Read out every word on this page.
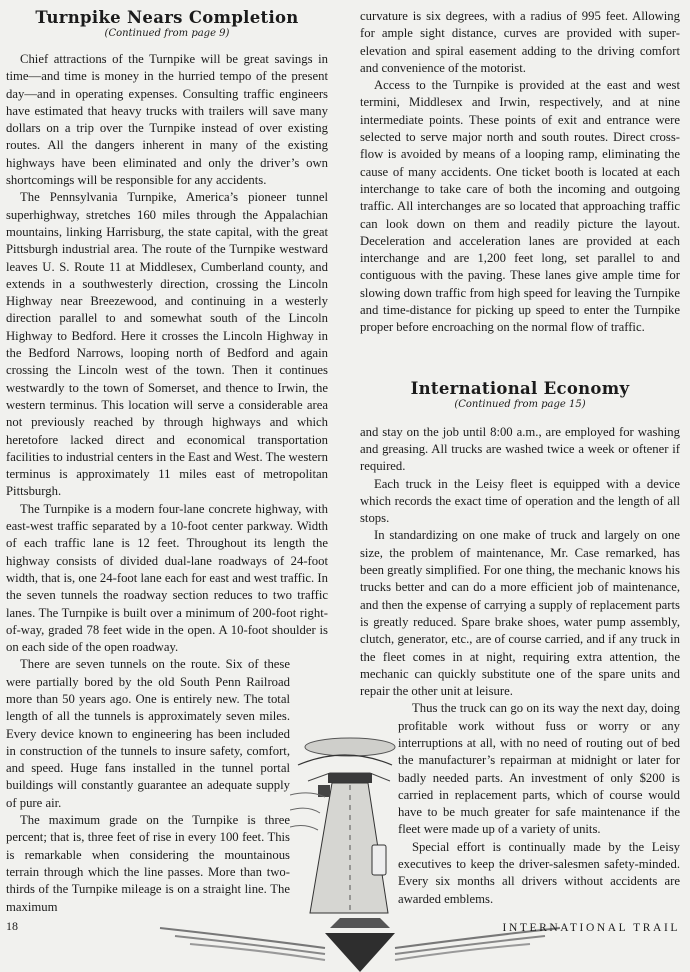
Turnpike Nears Completion
(Continued from page 9)

Chief attractions of the Turnpike will be great savings in time—and time is money in the hurried tempo of the present day—and in operating expenses. Consulting traffic engineers have estimated that heavy trucks with trailers will save many dollars on a trip over the Turnpike instead of over existing routes. All the dangers inherent in many of the existing highways have been eliminated and only the driver’s own shortcomings will be responsible for any accidents.

The Pennsylvania Turnpike, America’s pioneer tunnel superhighway, stretches 160 miles through the Appalachian mountains, linking Harrisburg, the state capital, with the great Pittsburgh industrial area. The route of the Turnpike westward leaves U. S. Route 11 at Middlesex, Cumberland county, and extends in a southwesterly direction, crossing the Lincoln Highway near Breezewood, and continuing in a westerly direction parallel to and somewhat south of the Lincoln Highway to Bedford. Here it crosses the Lincoln Highway in the Bedford Narrows, looping north of Bedford and again crossing the Lincoln west of the town. Then it continues westwardly to the town of Somerset, and thence to Irwin, the western terminus. This location will serve a considerable area not previously reached by through highways and which heretofore lacked direct and economical transportation facilities to industrial centers in the East and West. The western terminus is approximately 11 miles east of metropolitan Pittsburgh.

The Turnpike is a modern four-lane concrete highway, with east-west traffic separated by a 10-foot center parkway. Width of each traffic lane is 12 feet. Throughout its length the highway consists of divided dual-lane roadways of 24-foot width, that is, one 24-foot lane each for east and west traffic. In the seven tunnels the roadway section reduces to two traffic lanes. The Turnpike is built over a minimum of 200-foot right-of-way, graded 78 feet wide in the open. A 10-foot shoulder is on each side of the open roadway.

There are seven tunnels on the route. Six of these were partially bored by the old South Penn Railroad more than 50 years ago. One is entirely new. The total length of all the tunnels is approximately seven miles. Every device known to engineering has been included in construction of the tunnels to insure safety, comfort, and speed. Huge fans installed in the tunnel portal buildings will constantly guarantee an adequate supply of pure air.

The maximum grade on the Turnpike is three percent; that is, three feet of rise in every 100 feet. This is remarkable when considering the mountainous terrain through which the line passes. More than two-thirds of the Turnpike mileage is on a straight line. The maximum

curvature is six degrees, with a radius of 995 feet. Allowing for ample sight distance, curves are provided with super-elevation and spiral easement adding to the driving comfort and convenience of the motorist.

Access to the Turnpike is provided at the east and west termini, Middlesex and Irwin, respectively, and at nine intermediate points. These points of exit and entrance were selected to serve major north and south routes. Direct cross-flow is avoided by means of a looping ramp, eliminating the cause of many accidents. One ticket booth is located at each interchange to take care of both the incoming and outgoing traffic. All interchanges are so located that approaching traffic can look down on them and readily picture the layout. Deceleration and acceleration lanes are provided at each interchange and are 1,200 feet long, set parallel to and contiguous with the paving. These lanes give ample time for slowing down traffic from high speed for leaving the Turnpike and time-distance for picking up speed to enter the Turnpike proper before encroaching on the normal flow of traffic.

International Economy
(Continued from page 15)

and stay on the job until 8:00 a.m., are employed for washing and greasing. All trucks are washed twice a week or oftener if required.

Each truck in the Leisy fleet is equipped with a device which records the exact time of operation and the length of all stops.

In standardizing on one make of truck and largely on one size, the problem of maintenance, Mr. Case remarked, has been greatly simplified. For one thing, the mechanic knows his trucks better and can do a more efficient job of maintenance, and then the expense of carrying a supply of replacement parts is greatly reduced. Spare brake shoes, water pump assembly, clutch, generator, etc., are of course carried, and if any truck in the fleet comes in at night, requiring extra attention, the mechanic can quickly substitute one of the spare units and repair the other unit at leisure.

Thus the truck can go on its way the next day, doing profitable work without fuss or worry or any interruptions at all, with no need of routing out of bed the manufacturer’s repairman at midnight or later for badly needed parts. An investment of only $200 is carried in replacement parts, which of course would have to be much greater for safe maintenance if the fleet were made up of a variety of units.

Special effort is continually made by the Leisy executives to keep the driver-salesmen safety-minded. Every six months all drivers without accidents are awarded emblems.

18	INTERNATIONAL TRAIL
